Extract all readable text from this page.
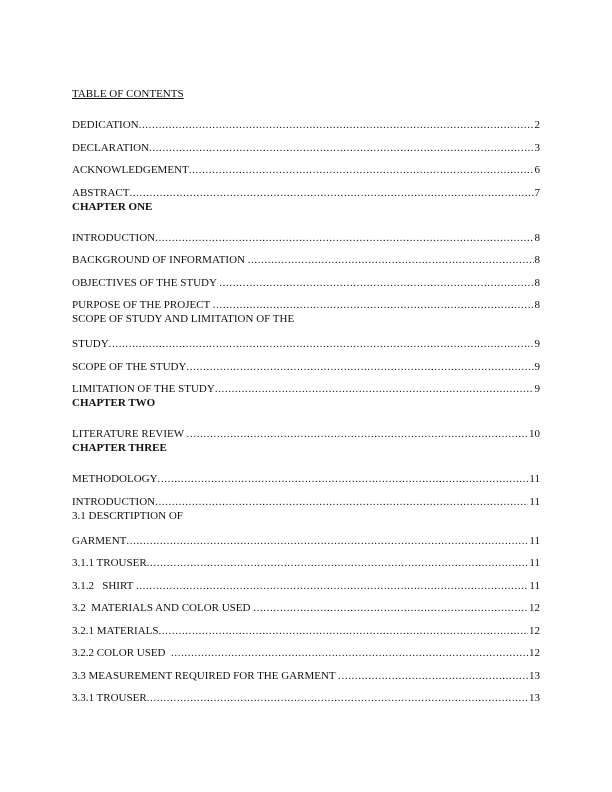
TABLE OF CONTENTS
DEDICATION .....	2
DECLARATION .....	3
ACKNOWLEDGEMENT .....	6
ABSTRACT .....	7
CHAPTER ONE
INTRODUCTION .....	8
BACKGROUND OF INFORMATION .....	8
OBJECTIVES OF THE STUDY .....	8
PURPOSE OF THE PROJECT .....	8
SCOPE OF STUDY AND LIMITATION OF THE
STUDY .....	9
SCOPE OF THE STUDY .....	9
LIMITATION OF THE STUDY .....	9
CHAPTER TWO
LITERATURE REVIEW .....	10
CHAPTER THREE
METHODOLOGY .....	11
INTRODUCTION .....	11
3.1 DESCRTIPTION OF
GARMENT .....	11
3.1.1 TROUSER .....	11
3.1.2   SHIRT .....	11
3.2  MATERIALS AND COLOR USED .....	12
3.2.1 MATERIALS .....	12
3.2.2 COLOR USED .....	12
3.3 MEASUREMENT REQUIRED FOR THE GARMENT .....	13
3.3.1 TROUSER .....	13
